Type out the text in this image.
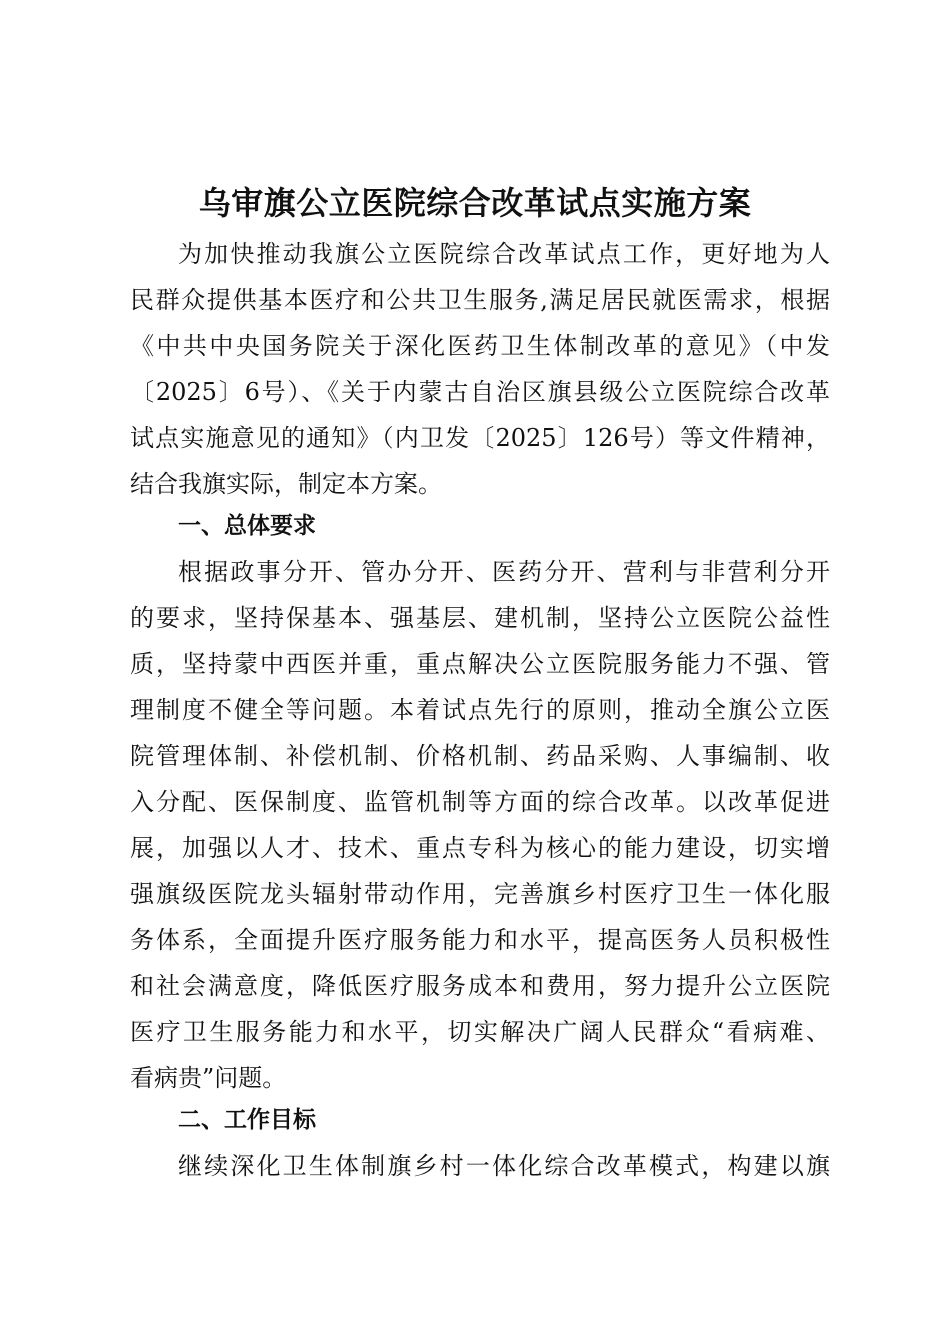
乌审旗公立医院综合改革试点实施方案

为加快推动我旗公立医院综合改革试点工作，更好地为人

民群众提供基本医疗和公共卫生服务,满足居民就医需求，根据

《中共中央国务院关于深化医药卫生体制改革的意见》（中发

〔2025〕6号）、《关于内蒙古自治区旗县级公立医院综合改革

试点实施意见的通知》（内卫发〔2025〕126号）等文件精神，

结合我旗实际，制定本方案。

一、总体要求

根据政事分开、管办分开、医药分开、营利与非营利分开

的要求，坚持保基本、强基层、建机制，坚持公立医院公益性

质，坚持蒙中西医并重，重点解决公立医院服务能力不强、管

理制度不健全等问题。本着试点先行的原则，推动全旗公立医

院管理体制、补偿机制、价格机制、药品采购、人事编制、收

入分配、医保制度、监管机制等方面的综合改革。以改革促进

展，加强以人才、技术、重点专科为核心的能力建设，切实增

强旗级医院龙头辐射带动作用，完善旗乡村医疗卫生一体化服

务体系，全面提升医疗服务能力和水平，提高医务人员积极性

和社会满意度，降低医疗服务成本和费用，努力提升公立医院

医疗卫生服务能力和水平，切实解决广阔人民群众“看病难、

看病贵”问题。

二、工作目标

继续深化卫生体制旗乡村一体化综合改革模式，构建以旗
